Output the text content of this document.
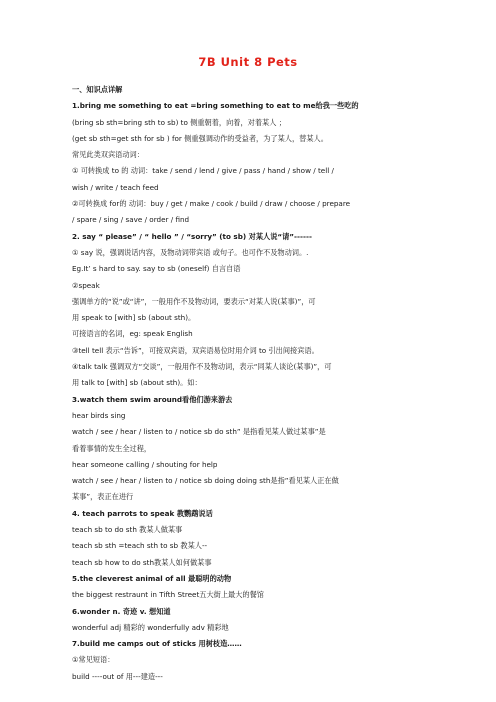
7B Unit 8 Pets
一、知识点详解
1.bring me something to eat =bring something to eat to me给我一些吃的
(bring sb sth=bring sth to sb) to 侧重朝着，向着，对着某人 ；
(get sb sth=get sth for sb ) for 侧重强调动作的受益者，为了某人，替某人。
常见此类双宾语动词：
① 可转换成 to 的 动词：take / send / lend / give / pass / hand / show / tell /
wish / write / teach feed
②可转换成 for的 动词：buy / get / make / cook / build / draw / choose / prepare
/ spare / sing / save / order / find
2. say “ please” / “ hello ” / “sorry” (to sb) 对某人说“请”------
① say 说，强调说话内容，及物动词带宾语 或句子。也可作不及物动词。.
Eg.It’ s hard to say. say to sb (oneself) 自言自语
②speak
强调单方的“说”或“讲”，一般用作不及物动词，要表示“对某人说(某事)”，可
用 speak to [with] sb (about sth)。
可接语言的名词，eg: speak English
③tell tell 表示“告诉”，可接双宾语，双宾语易位时用介词 to 引出间接宾语。
④talk talk 强调双方“交谈”，一般用作不及物动词，表示“同某人谈论(某事)”，可
用 talk to [with] sb (about sth)。如：
3.watch them swim around看他们游来游去
hear birds sing
watch / see / hear / listen to / notice sb do sth” 是指看见某人做过某事”是
看着事情的发生全过程，
hear someone calling / shouting for help
watch / see / hear / listen to / notice sb doing doing sth是指”看见某人正在做
某事”，表正在进行
4. teach parrots to speak 教鹦鹉说话
teach sb to do sth 教某人做某事
teach sb sth =teach sth to sb 教某人--
teach sb how to do sth教某人如何做某事
5.the cleverest animal of all 最聪明的动物
the biggest restraunt in Tifth Street五大街上最大的餐馆
6.wonder n. 奇迹 v. 想知道
wonderful adj 精彩的 wonderfully adv 精彩地
7.build me camps out of sticks 用树枝造……
①常见短语：
build ----out of 用---建造---
